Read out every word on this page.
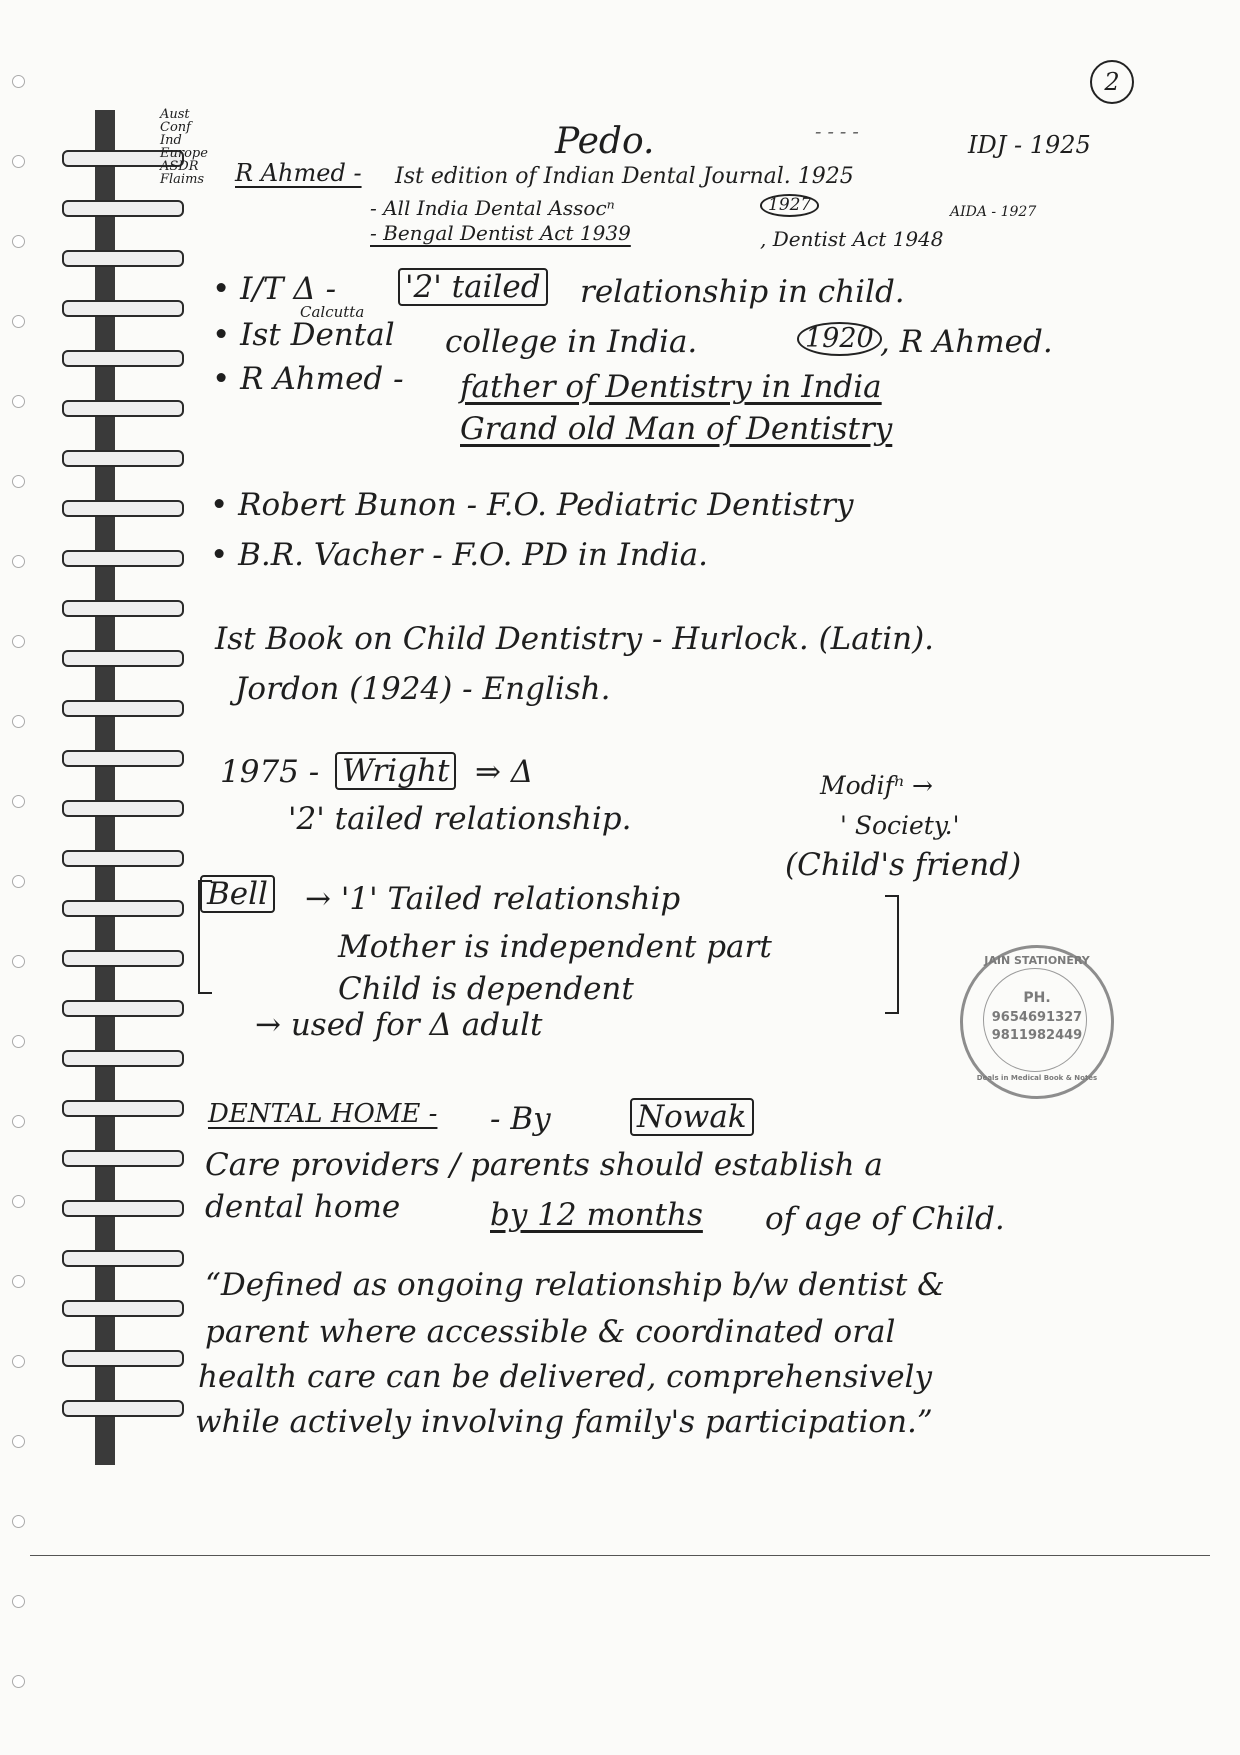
2
Aust
Conf
Ind
Europe
ASDR
Flaims
Pedo.	- - - -	IDJ - 1925
R Ahmed - Ist edition of Indian Dental Journal. 1925
- All India Dental Assocⁿ	1927	AIDA - 1927
- Bengal Dentist Act 1939	, Dentist Act 1948
• I/T Δ - '2' tailed relationship in child.
Calcutta
• Ist Dental college in India.	1920 , R Ahmed.
• R Ahmed - father of Dentistry in India
Grand old Man of Dentistry
• Robert Bunon - F.O. Pediatric Dentistry
• B.R. Vacher - F.O. PD in India.
Ist Book on Child Dentistry - Hurlock. (Latin).
Jordon (1924) - English.
1975 - Wright ⇒ Δ
'2' tailed relationship.
Modifⁿ →
' Society.'
(Child's friend)
Bell → '1' Tailed relationship
Mother is independent part
Child is dependent
→ used for Δ adult
JAIN STATIONERY
PH.
9654691327
9811982449
Deals in Medical Book & Notes
DENTAL HOME - - By	Nowak
Care providers / parents should establish a
dental home	by 12 months of age of Child.
“Defined as ongoing relationship b/w dentist &
parent where accessible & coordinated oral
health care can be delivered, comprehensively
while actively involving family's participation.”
